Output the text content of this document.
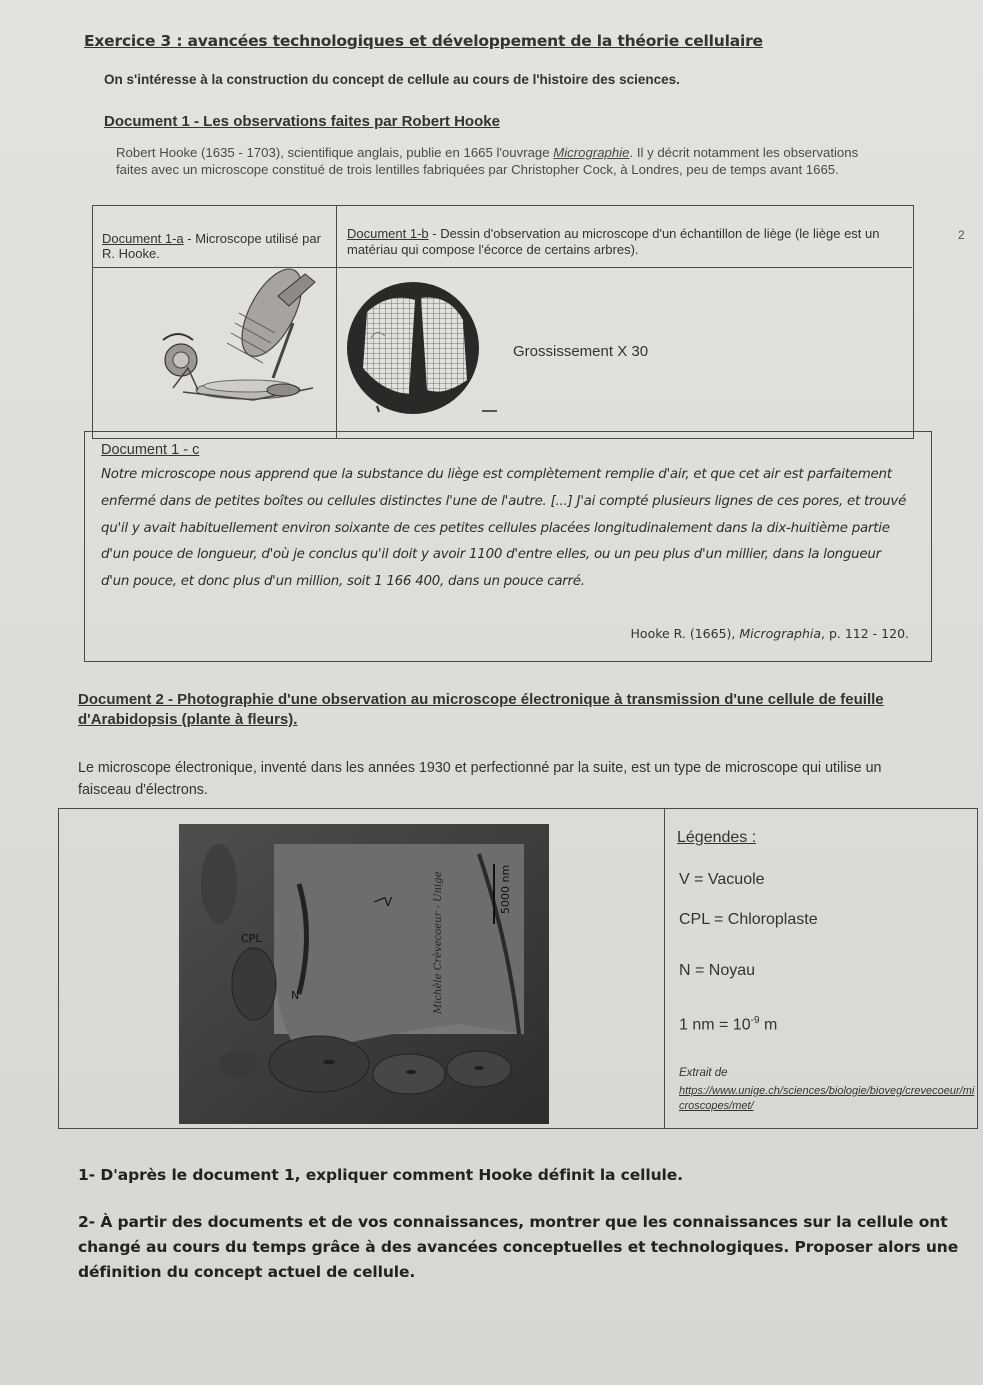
Exercice 3 : avancées technologiques et développement de la théorie cellulaire
On s'intéresse à la construction du concept de cellule au cours de l'histoire des sciences.
Document 1 - Les observations faites par Robert Hooke
Robert Hooke (1635 - 1703), scientifique anglais, publie en 1665 l'ouvrage Micrographie. Il y décrit notamment les observations faites avec un microscope constitué de trois lentilles fabriquées par Christopher Cock, à Londres, peu de temps avant 1665.
2
Document 1-a - Microscope utilisé par R. Hooke.
Document 1-b - Dessin d'observation au microscope d'un échantillon de liège (le liège est un matériau qui compose l'écorce de certains arbres).
Grossissement X 30
Document 1 - c
Notre microscope nous apprend que la substance du liège est complètement remplie d'air, et que cet air est parfaitement enfermé dans de petites boîtes ou cellules distinctes l'une de l'autre. [...] J'ai compté plusieurs lignes de ces pores, et trouvé qu'il y avait habituellement environ soixante de ces petites cellules placées longitudinalement dans la dix-huitième partie d'un pouce de longueur, d'où je conclus qu'il doit y avoir 1100 d'entre elles, ou un peu plus d'un millier, dans la longueur d'un pouce, et donc plus d'un million, soit 1 166 400, dans un pouce carré.
Hooke R. (1665), Micrographia, p. 112 - 120.
Document 2 - Photographie d'une observation au microscope électronique à transmission d'une cellule de feuille d'Arabidopsis (plante à fleurs).
Le microscope électronique, inventé dans les années 1930 et perfectionné par la suite, est un type de microscope qui utilise un faisceau d'électrons.
5000 nm
Michèle Crèvecoeur - Unige
V
N
CPL
Légendes :
V = Vacuole
CPL = Chloroplaste
N = Noyau
1 nm = $10^{-9}$ m
Extrait de
https://www.unige.ch/sciences/biologie/bioveg/crevecoeur/microscopes/met/
1- D'après le document 1, expliquer comment Hooke définit la cellule.
2- À partir des documents et de vos connaissances, montrer que les connaissances sur la cellule ont changé au cours du temps grâce à des avancées conceptuelles et technologiques. Proposer alors une définition du concept actuel de cellule.
